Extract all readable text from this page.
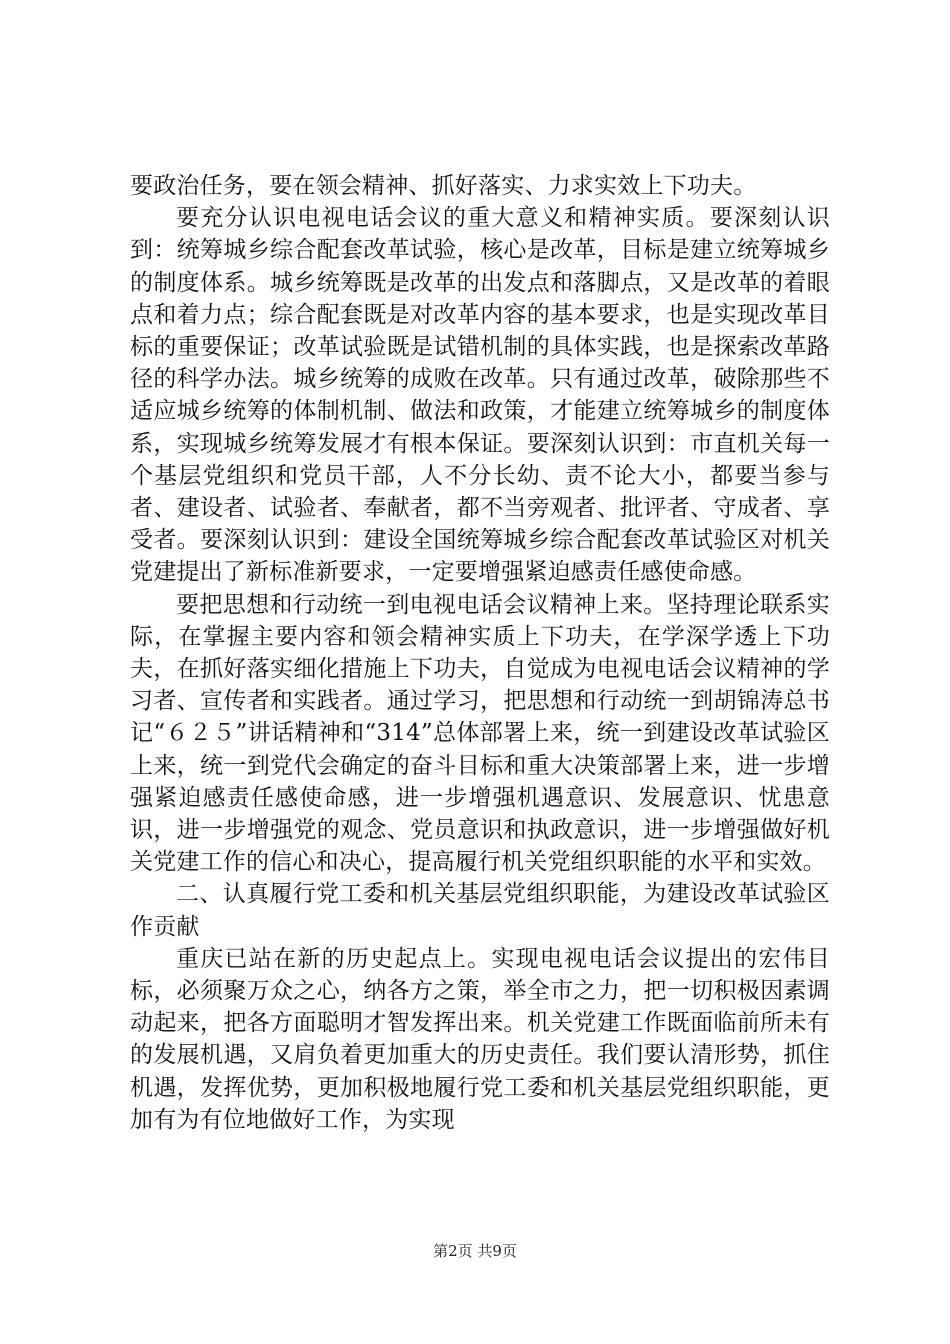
要政治任务，要在领会精神、抓好落实、力求实效上下功夫。

要充分认识电视电话会议的重大意义和精神实质。要深刻认识到：统筹城乡综合配套改革试验，核心是改革，目标是建立统筹城乡的制度体系。城乡统筹既是改革的出发点和落脚点，又是改革的着眼点和着力点；综合配套既是对改革内容的基本要求，也是实现改革目标的重要保证；改革试验既是试错机制的具体实践，也是探索改革路径的科学办法。城乡统筹的成败在改革。只有通过改革，破除那些不适应城乡统筹的体制机制、做法和政策，才能建立统筹城乡的制度体系，实现城乡统筹发展才有根本保证。要深刻认识到：市直机关每一个基层党组织和党员干部，人不分长幼、责不论大小，都要当参与者、建设者、试验者、奉献者，都不当旁观者、批评者、守成者、享受者。要深刻认识到：建设全国统筹城乡综合配套改革试验区对机关党建提出了新标准新要求，一定要增强紧迫感责任感使命感。

要把思想和行动统一到电视电话会议精神上来。坚持理论联系实际，在掌握主要内容和领会精神实质上下功夫，在学深学透上下功夫，在抓好落实细化措施上下功夫，自觉成为电视电话会议精神的学习者、宣传者和实践者。通过学习，把思想和行动统一到胡锦涛总书记“６２５”讲话精神和“314”总体部署上来，统一到建设改革试验区上来，统一到党代会确定的奋斗目标和重大决策部署上来，进一步增强紧迫感责任感使命感，进一步增强机遇意识、发展意识、忧患意识，进一步增强党的观念、党员意识和执政意识，进一步增强做好机关党建工作的信心和决心，提高履行机关党组织职能的水平和实效。

二、认真履行党工委和机关基层党组织职能，为建设改革试验区作贡献

重庆已站在新的历史起点上。实现电视电话会议提出的宏伟目标，必须聚万众之心，纳各方之策，举全市之力，把一切积极因素调动起来，把各方面聪明才智发挥出来。机关党建工作既面临前所未有的发展机遇，又肩负着更加重大的历史责任。我们要认清形势，抓住机遇，发挥优势，更加积极地履行党工委和机关基层党组织职能，更加有为有位地做好工作，为实现

第2页 共9页
